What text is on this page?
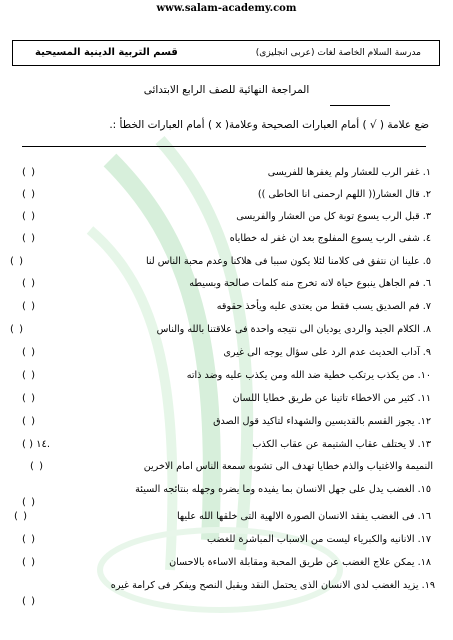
www.salam-academy.com
مدرسة السلام الخاصة لغات (عربى انجليزى)
قسم التربية الدينية المسيحية
المراجعة النهائية للصف الرابع الابتدائى
ضع علامة ( √ ) أمام العبارات الصحيحة وعلامة( x ) أمام العبارات الخطأ :.
١. غفر الرب للعشار ولم يغفرها للفريسى
( )
٢. قال العشار(( اللهم ارحمنى انا الخاطى ))
( )
٣. قبل الرب يسوع توبة كل من العشار والفريسى
( )
٤. شفى الرب يسوع المفلوج بعد ان غفر له خطاياه
( )
٥. علينا ان نتفق فى كلامنا لئلا يكون سببا فى هلاكنا وعدم محبة الناس لنا
( )
٦. فم الجاهل ينبوع حياة لانه تخرج منه كلمات صالحة وبسيطه
( )
٧. فم الصديق يسب فقط من يعتدى عليه ويأخذ حقوقه
( )
٨. الكلام الجيد والردى يوديان الى نتيجه واحدة فى علاقتنا بالله والناس
( )
٩. آداب الحديث عدم الرد على سؤال يوجه الى غيرى
( )
١٠. من يكذب يرتكب خطية ضد الله ومن يكذب عليه وضد ذاته
( )
١١. كثير من الاخطاء تاتينا عن طريق خطايا اللسان
( )
١٢. يجوز القسم بالقديسين والشهداء لتاكيد قول الصدق
( )
١٣. لا يختلف عقاب الشتيمة عن عقاب الكذب
( ) ١٤.
النميمة والاغتياب والذم خطايا تهدف الى تشويه سمعة الناس امام الاخرين
( )
١٥. الغضب يدل على جهل الانسان بما يفيده وما يضره وجهله بنتائجه السيئة
( )
١٦. فى الغضب يفقد الانسان الصورة الالهية التى خلقها الله عليها
( )
١٧. الانانيه والكبرياء ليست من الاسباب المباشرة للغضب
( )
١٨. يمكن علاج الغضب عن طريق المحبة ومقابلة الاساءة بالاحسان
( )
١٩. يزيد الغضب لدى الانسان الذى يحتمل النقد ويقبل النصح ويفكر فى كرامة غيره
( )
